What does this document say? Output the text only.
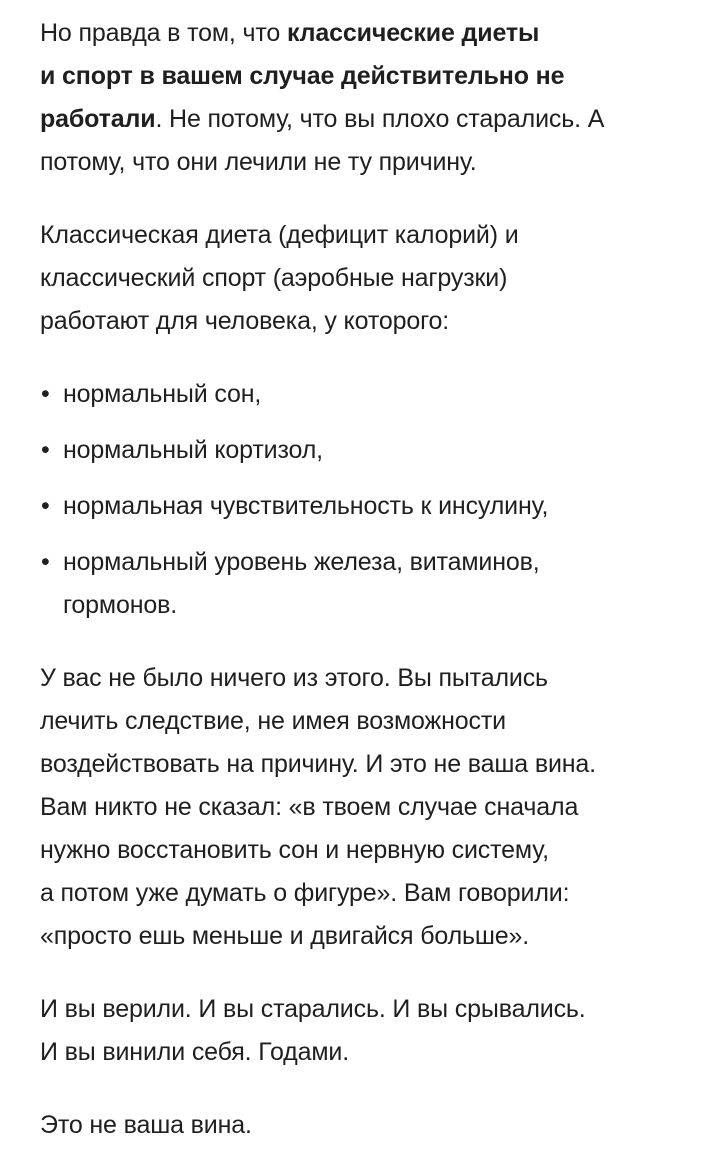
Но правда в том, что классические диеты
и спорт в вашем случае действительно не
работали. Не потому, что вы плохо старались. А
потому, что они лечили не ту причину.
Классическая диета (дефицит калорий) и
классический спорт (аэробные нагрузки)
работают для человека, у которого:
• нормальный сон,
• нормальный кортизол,
• нормальная чувствительность к инсулину,
• нормальный уровень железа, витаминов,
гормонов.
У вас не было ничего из этого. Вы пытались
лечить следствие, не имея возможности
воздействовать на причину. И это не ваша вина.
Вам никто не сказал: «в твоем случае сначала
нужно восстановить сон и нервную систему,
а потом уже думать о фигуре». Вам говорили:
«просто ешь меньше и двигайся больше».
И вы верили. И вы старались. И вы срывались.
И вы винили себя. Годами.
Это не ваша вина.
